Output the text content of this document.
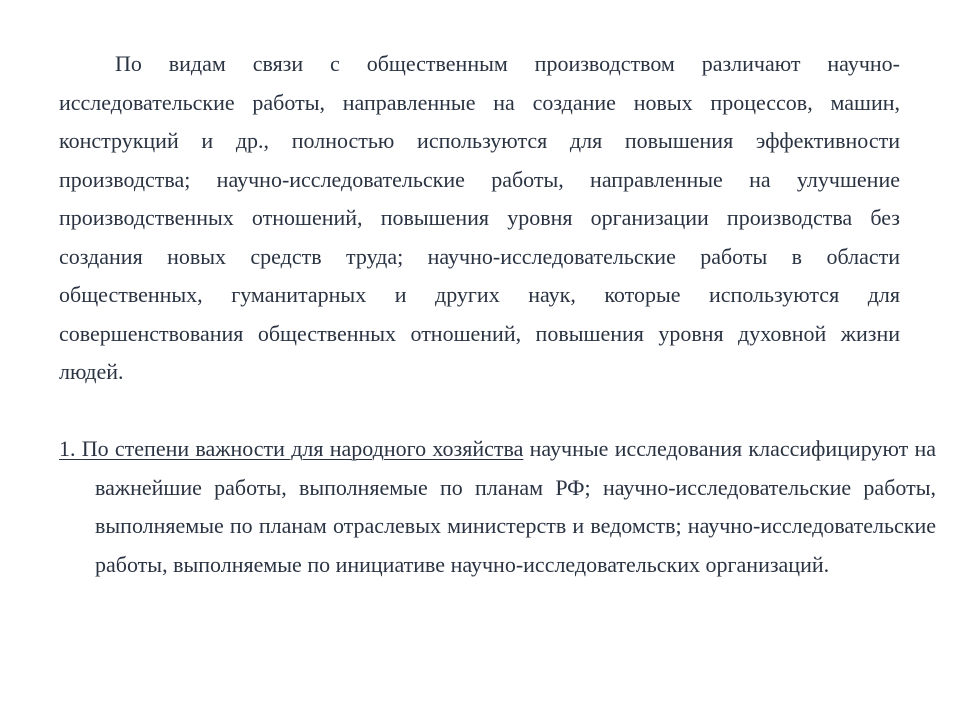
По видам связи с общественным производством различают научно-исследовательские работы, направленные на создание новых процессов, машин, конструкций и др., полностью используются для повышения эффективности производства; научно-исследовательские работы, направленные на улучшение производственных отношений, повышения уровня организации производства без создания новых средств труда; научно-исследовательские работы в области общественных, гуманитарных и других наук, которые используются для совершенствования общественных отношений, повышения уровня духовной жизни людей.

1. По степени важности для народного хозяйства научные исследования классифицируют на важнейшие работы, выполняемые по планам РФ; научно-исследовательские работы, выполняемые по планам отраслевых министерств и ведомств; научно-исследовательские работы, выполняемые по инициативе научно-исследовательских организаций.
